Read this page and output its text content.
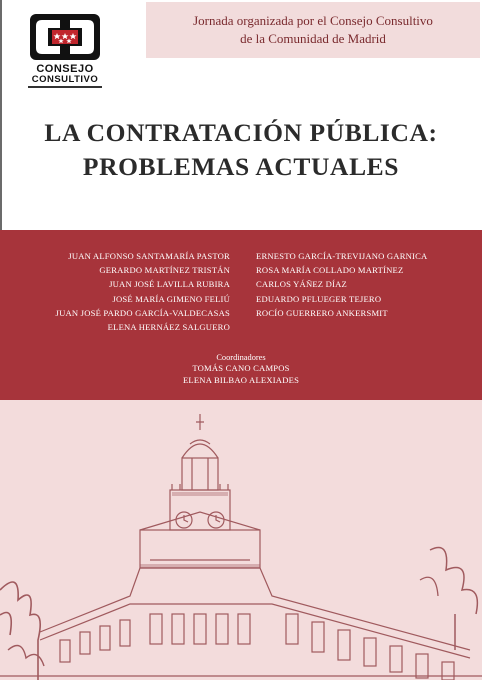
CONSEJO
CONSULTIVO
Jornada organizada por el Consejo Consultivo
de la Comunidad de Madrid
LA CONTRATACIÓN PÚBLICA:
PROBLEMAS ACTUALES
JUAN ALFONSO SANTAMARÍA PASTOR
GERARDO MARTÍNEZ TRISTÁN
JUAN JOSÉ LAVILLA RUBIRA
JOSÉ MARÍA GIMENO FELIÚ
JUAN JOSÉ PARDO GARCÍA-VALDECASAS
ELENA HERNÁEZ SALGUERO
ERNESTO GARCÍA-TREVIJANO GARNICA
ROSA MARÍA COLLADO MARTÍNEZ
CARLOS YÁÑEZ DÍAZ
EDUARDO PFLUEGER TEJERO
ROCÍO GUERRERO ANKERSMIT
Coordinadores
TOMÁS CANO CAMPOS
ELENA BILBAO ALEXIADES
